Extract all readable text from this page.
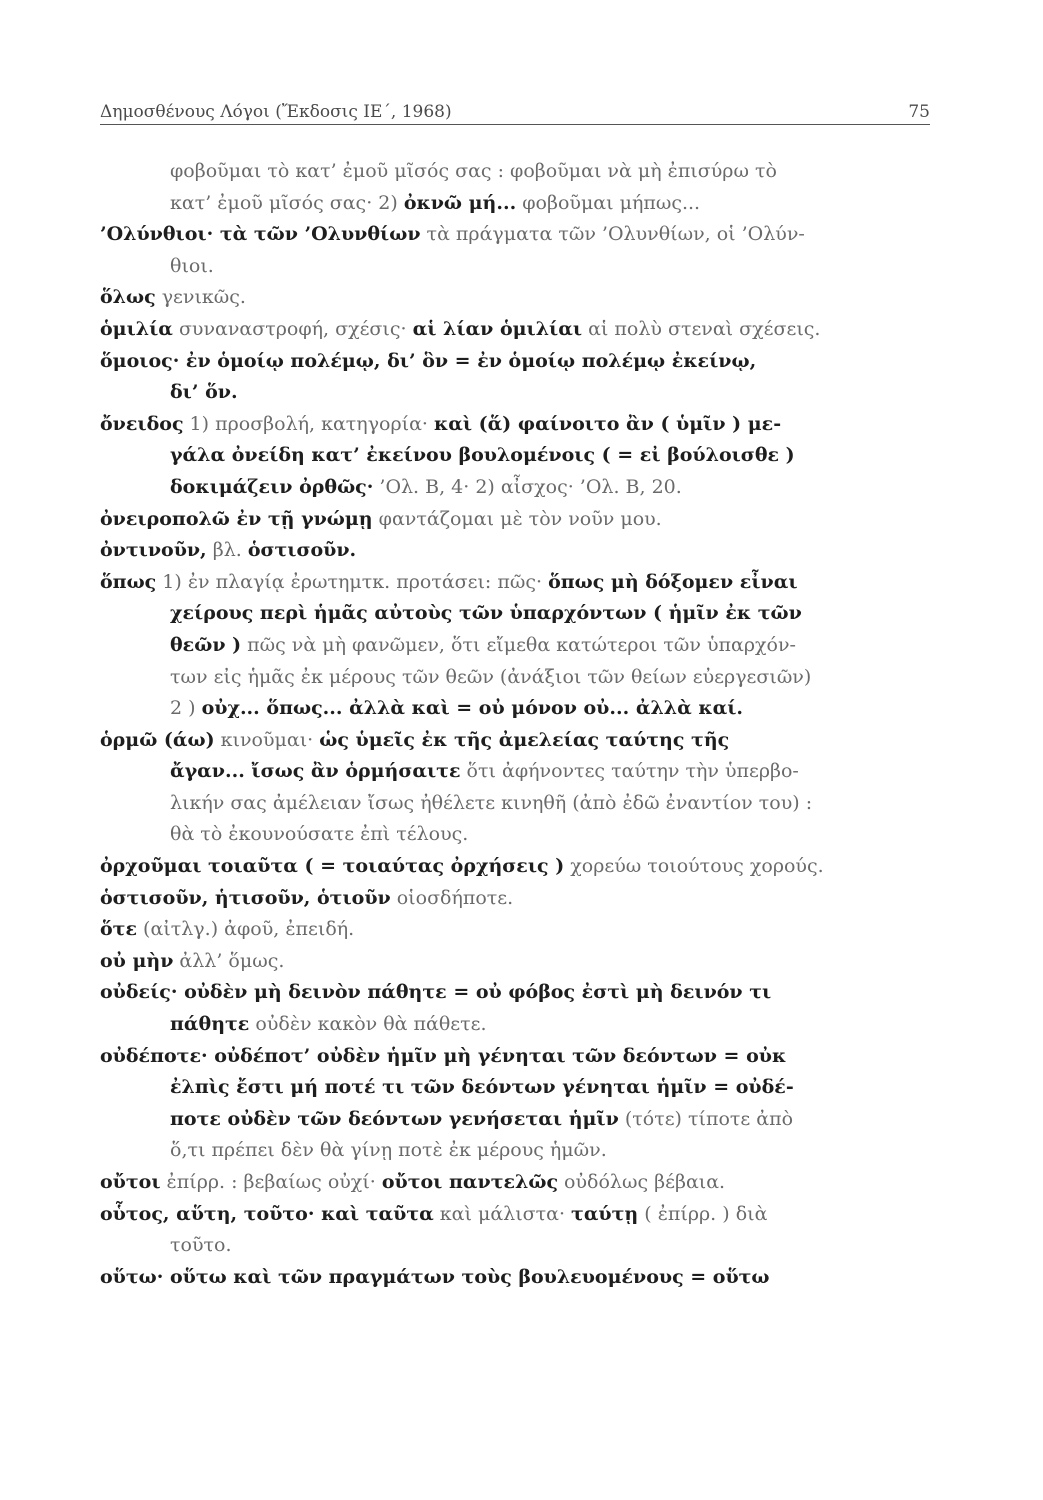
Δημοσθένους Λόγοι (Ἔκδοσις ΙΕ΄, 1968)	75
φοβοῦμαι τὸ κατ’ ἐμοῦ μῖσός σας : φοβοῦμαι νὰ μὴ ἐπισύρω τὸ
κατ’ ἐμοῦ μῖσός σας· 2) ὀκνῶ μή... φοβοῦμαι μήπως...
’Ολύνθιοι· τὰ τῶν ’Ολυνθίων τὰ πράγματα τῶν ’Ολυνθίων, οἱ ’Ολύν-
θιοι.
ὅλως γενικῶς.
ὁμιλία συναναστροφή, σχέσις· αἱ λίαν ὁμιλίαι αἱ πολὺ στεναὶ σχέσεις.
ὅμοιος· ἐν ὁμοίῳ πολέμῳ, δι’ ὃν = ἐν ὁμοίῳ πολέμῳ ἐκείνῳ,
δι’ ὅν.
ὄνειδος 1) προσβολή, κατηγορία· καὶ (ἅ) φαίνοιτο ἂν ( ὑμῖν ) με-
γάλα ὀνείδη κατ’ ἐκείνου βουλομένοις ( = εἰ βούλοισθε )
δοκιμάζειν ὀρθῶς· ’Ολ. Β, 4· 2) αἶσχος· ’Ολ. Β, 20.
ὀνειροπολῶ ἐν τῇ γνώμῃ φαντάζομαι μὲ τὸν νοῦν μου.
ὀντινοῦν, βλ. ὁστισοῦν.
ὅπως 1) ἐν πλαγίᾳ ἐρωτημτκ. προτάσει: πῶς· ὅπως μὴ δόξομεν εἶναι
χείρους περὶ ἡμᾶς αὐτοὺς τῶν ὑπαρχόντων ( ἡμῖν ἐκ τῶν
θεῶν ) πῶς νὰ μὴ φανῶμεν, ὅτι εἴμεθα κατώτεροι τῶν ὑπαρχόν-
των εἰς ἡμᾶς ἐκ μέρους τῶν θεῶν (ἀνάξιοι τῶν θείων εὐεργεσιῶν)
2 ) οὐχ... ὅπως... ἀλλὰ καὶ = οὐ μόνον οὐ... ἀλλὰ καί.
ὁρμῶ (άω) κινοῦμαι· ὡς ὑμεῖς ἐκ τῆς ἀμελείας ταύτης τῆς
ἄγαν... ἴσως ἂν ὁρμήσαιτε ὅτι ἀφήνοντες ταύτην τὴν ὑπερβο-
λικήν σας ἀμέλειαν ἴσως ἠθέλετε κινηθῆ (ἀπὸ ἐδῶ ἐναντίον του) :
θὰ τὸ ἐκουνούσατε ἐπὶ τέλους.
ὀρχοῦμαι τοιαῦτα ( = τοιαύτας ὀρχήσεις ) χορεύω τοιούτους χορούς.
ὁστισοῦν, ἡτισοῦν, ὁτιοῦν οἱοσδήποτε.
ὅτε (αἰτλγ.) ἀφοῦ, ἐπειδή.
οὐ μὴν ἀλλ’ ὅμως.
οὐδείς· οὐδὲν μὴ δεινὸν πάθητε = οὐ φόβος ἐστὶ μὴ δεινόν τι
πάθητε οὐδὲν κακὸν θὰ πάθετε.
οὐδέποτε· οὐδέποτ’ οὐδὲν ἡμῖν μὴ γένηται τῶν δεόντων = οὐκ
ἐλπὶς ἔστι μή ποτέ τι τῶν δεόντων γένηται ἡμῖν = οὐδέ-
ποτε οὐδὲν τῶν δεόντων γενήσεται ἡμῖν (τότε) τίποτε ἀπὸ
ὅ,τι πρέπει δὲν θὰ γίνῃ ποτὲ ἐκ μέρους ἡμῶν.
οὔτοι ἐπίρρ. : βεβαίως οὐχί· οὔτοι παντελῶς οὐδόλως βέβαια.
οὗτος, αὕτη, τοῦτο· καὶ ταῦτα καὶ μάλιστα· ταύτῃ ( ἐπίρρ. ) διὰ
τοῦτο.
οὕτω· οὕτω καὶ τῶν πραγμάτων τοὺς βουλευομένους = οὕτω
